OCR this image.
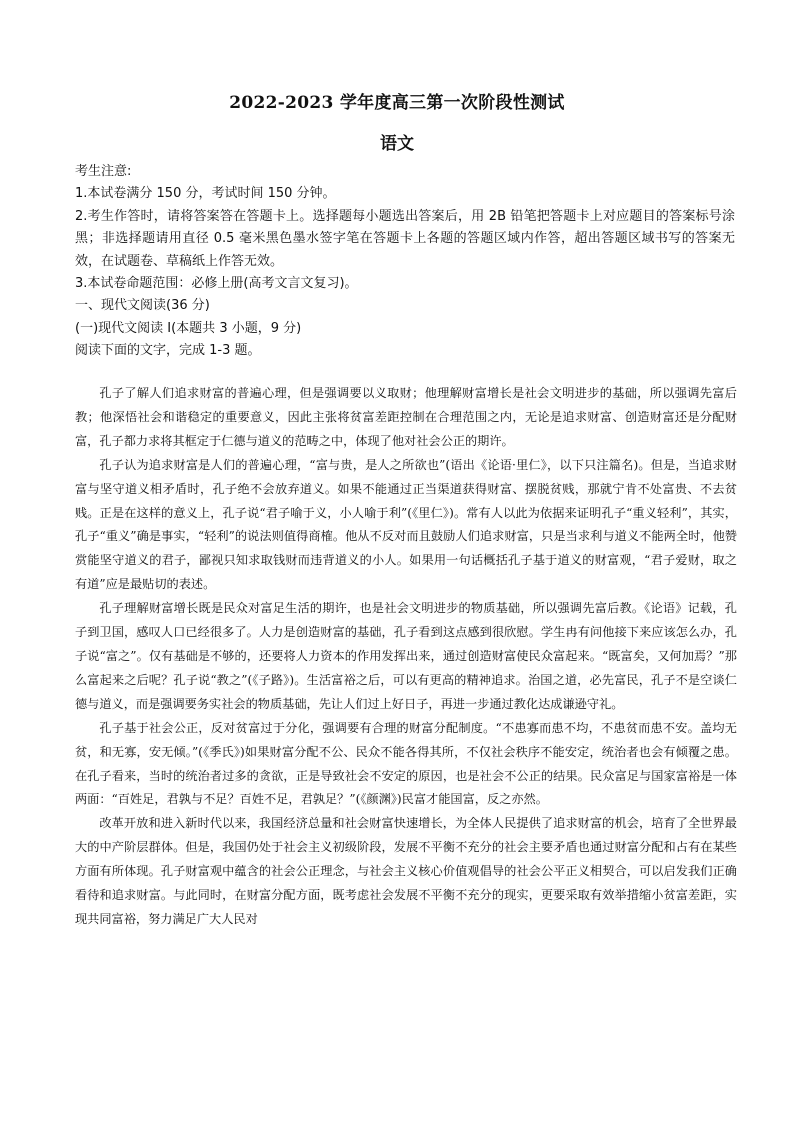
2022-2023 学年度高三第一次阶段性测试
语文
考生注意:
1.本试卷满分 150 分，考试时间 150 分钟。
2.考生作答时，请将答案答在答题卡上。选择题每小题选出答案后，用 2B 铅笔把答题卡上对应题目的答案标号涂黑；非选择题请用直径 0.5 毫米黑色墨水签字笔在答题卡上各题的答题区域内作答，超出答题区域书写的答案无效，在试题卷、草稿纸上作答无效。
3.本试卷命题范围：必修上册(高考文言文复习)。
一、现代文阅读(36 分)
(一)现代文阅读 I(本题共 3 小题，9 分)
阅读下面的文字，完成 1-3 题。

孔子了解人们追求财富的普遍心理，但是强调要以义取财；他理解财富增长是社会文明进步的基础，所以强调先富后教；他深悟社会和谐稳定的重要意义，因此主张将贫富差距控制在合理范围之内，无论是追求财富、创造财富还是分配财富，孔子都力求将其框定于仁德与道义的范畴之中，体现了他对社会公正的期许。

孔子认为追求财富是人们的普遍心理，“富与贵，是人之所欲也”(语出《论语·里仁》，以下只注篇名)。但是，当追求财富与坚守道义相矛盾时，孔子绝不会放弃道义。如果不能通过正当渠道获得财富、摆脱贫贱，那就宁肯不处富贵、不去贫贱。正是在这样的意义上，孔子说“君子喻于义，小人喻于利”(《里仁》)。常有人以此为依据来证明孔子“重义轻利”，其实，孔子“重义”确是事实，“轻利”的说法则值得商榷。他从不反对而且鼓励人们追求财富，只是当求利与道义不能两全时，他赞赏能坚守道义的君子，鄙视只知求取钱财而违背道义的小人。如果用一句话概括孔子基于道义的财富观，“君子爱财，取之有道”应是最贴切的表述。

孔子理解财富增长既是民众对富足生活的期许，也是社会文明进步的物质基础，所以强调先富后教。《论语》记载，孔子到卫国，感叹人口已经很多了。人力是创造财富的基础，孔子看到这点感到很欣慰。学生冉有问他接下来应该怎么办，孔子说“富之”。仅有基础是不够的，还要将人力资本的作用发挥出来，通过创造财富使民众富起来。“既富矣，又何加焉？”那么富起来之后呢？孔子说“教之”(《子路》)。生活富裕之后，可以有更高的精神追求。治国之道，必先富民，孔子不是空谈仁德与道义，而是强调要务实社会的物质基础，先让人们过上好日子，再进一步通过教化达成谦逊守礼。

孔子基于社会公正，反对贫富过于分化，强调要有合理的财富分配制度。“不患寡而患不均，不患贫而患不安。盖均无贫，和无寡，安无倾。”(《季氏》)如果财富分配不公、民众不能各得其所，不仅社会秩序不能安定，统治者也会有倾覆之患。在孔子看来，当时的统治者过多的贪欲，正是导致社会不安定的原因，也是社会不公正的结果。民众富足与国家富裕是一体两面：“百姓足，君孰与不足？百姓不足，君孰足？”(《颜渊》)民富才能国富，反之亦然。

改革开放和进入新时代以来，我国经济总量和社会财富快速增长，为全体人民提供了追求财富的机会，培育了全世界最大的中产阶层群体。但是，我国仍处于社会主义初级阶段，发展不平衡不充分的社会主要矛盾也通过财富分配和占有在某些方面有所体现。孔子财富观中蕴含的社会公正理念，与社会主义核心价值观倡导的社会公平正义相契合，可以启发我们正确看待和追求财富。与此同时，在财富分配方面，既考虑社会发展不平衡不充分的现实，更要采取有效举措缩小贫富差距，实现共同富裕，努力满足广大人民对
